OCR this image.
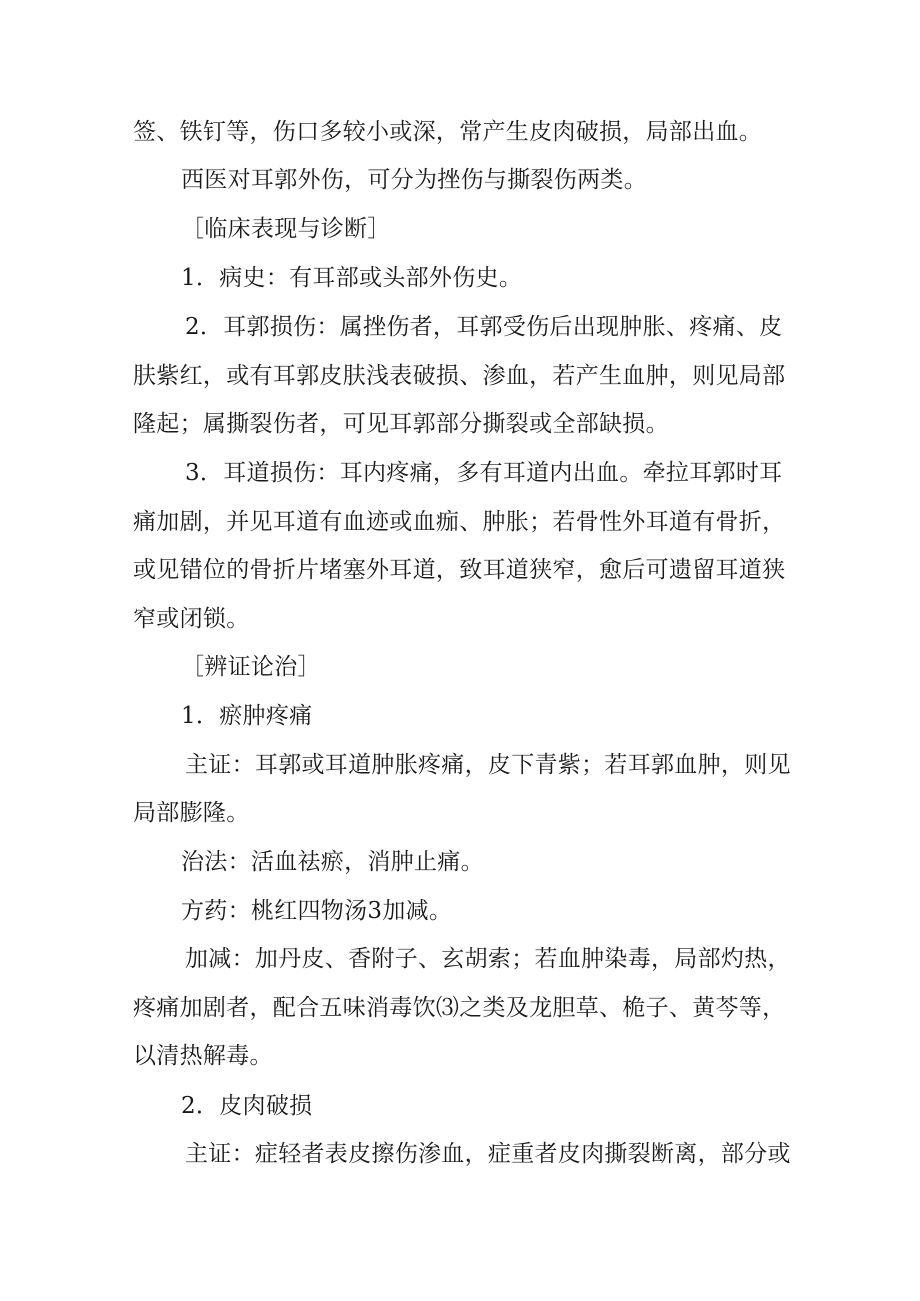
签、铁钉等，伤口多较小或深，常产生皮肉破损，局部出血。

西医对耳郭外伤，可分为挫伤与撕裂伤两类。

［临床表现与诊断］

1．病史：有耳部或头部外伤史。

2．耳郭损伤：属挫伤者，耳郭受伤后出现肿胀、疼痛、皮

肤紫红，或有耳郭皮肤浅表破损、渗血，若产生血肿，则见局部

隆起；属撕裂伤者，可见耳郭部分撕裂或全部缺损。

3．耳道损伤：耳内疼痛，多有耳道内出血。牵拉耳郭时耳

痛加剧，并见耳道有血迹或血痂、肿胀；若骨性外耳道有骨折，

或见错位的骨折片堵塞外耳道，致耳道狭窄，愈后可遗留耳道狭

窄或闭锁。

［辨证论治］

1．瘀肿疼痛

主证：耳郭或耳道肿胀疼痛，皮下青紫；若耳郭血肿，则见

局部膨隆。

治法：活血祛瘀，消肿止痛。

方药：桃红四物汤3加减。

加减：加丹皮、香附子、玄胡索；若血肿染毒，局部灼热，

疼痛加剧者，配合五味消毒饮⑶之类及龙胆草、桅子、黄芩等，

以清热解毒。

2．皮肉破损

主证：症轻者表皮擦伤渗血，症重者皮肉撕裂断离，部分或
